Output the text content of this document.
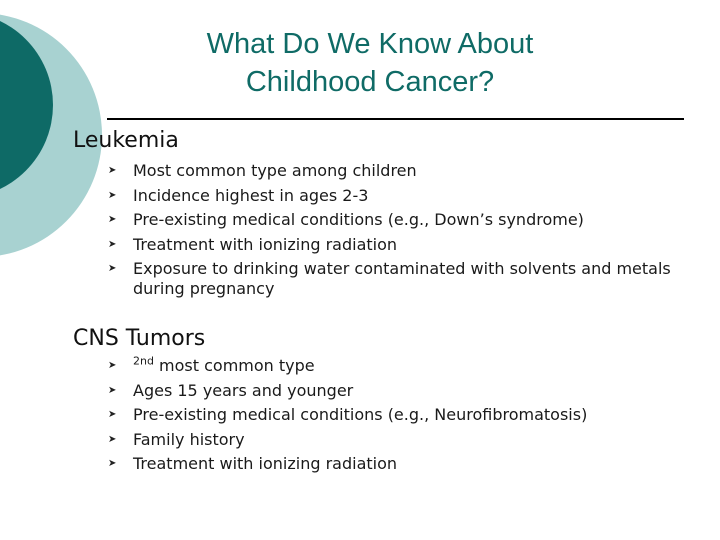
What Do We Know About
Childhood Cancer?
Leukemia
➤ Most common type among children
➤ Incidence highest in ages 2-3
➤ Pre-existing medical conditions (e.g., Down’s syndrome)
➤ Treatment with ionizing radiation
➤ Exposure to drinking water contaminated with solvents and metals during pregnancy
CNS Tumors
➤ $^{2nd}$ most common type
➤ Ages 15 years and younger
➤ Pre-existing medical conditions (e.g., Neurofibromatosis)
➤ Family history
➤ Treatment with ionizing radiation
